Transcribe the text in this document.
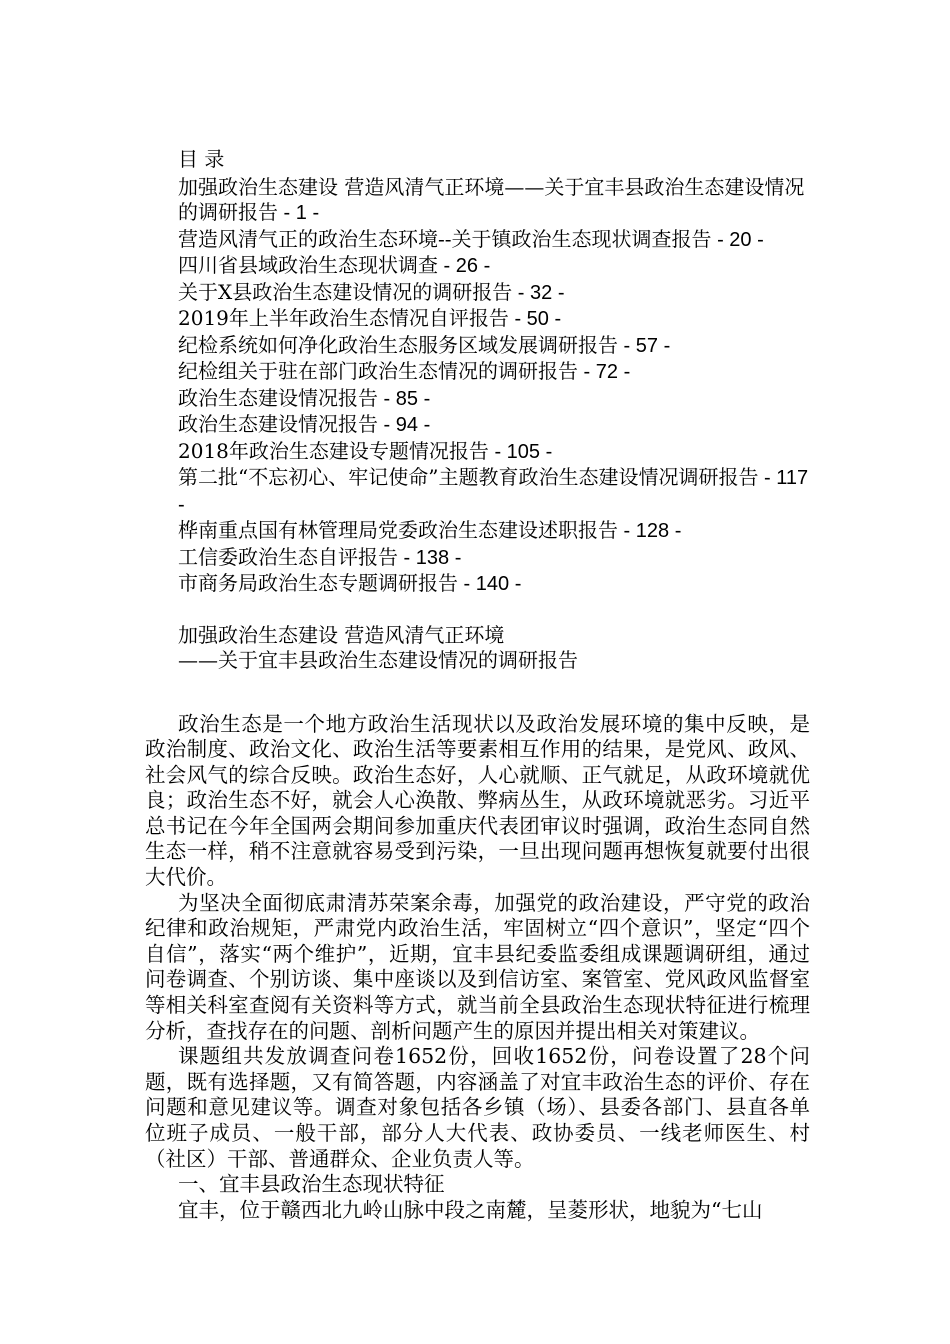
目 录

加强政治生态建设 营造风清气正环境——关于宜丰县政治生态建设情况的调研报告 - 1 -

营造风清气正的政治生态环境--关于镇政治生态现状调查报告 - 20 -

四川省县域政治生态现状调查 - 26 -

关于X县政治生态建设情况的调研报告 - 32 -

2019年上半年政治生态情况自评报告 - 50 -

纪检系统如何净化政治生态服务区域发展调研报告 - 57 -

纪检组关于驻在部门政治生态情况的调研报告 - 72 -

政治生态建设情况报告 - 85 -

政治生态建设情况报告 - 94 -

2018年政治生态建设专题情况报告 - 105 -

第二批“不忘初心、牢记使命”主题教育政治生态建设情况调研报告 - 117 -

桦南重点国有林管理局党委政治生态建设述职报告 - 128 -

工信委政治生态自评报告 - 138 -

市商务局政治生态专题调研报告 - 140 -

加强政治生态建设 营造风清气正环境

——关于宜丰县政治生态建设情况的调研报告

政治生态是一个地方政治生活现状以及政治发展环境的集中反映，是政治制度、政治文化、政治生活等要素相互作用的结果，是党风、政风、社会风气的综合反映。政治生态好，人心就顺、正气就足，从政环境就优良；政治生态不好，就会人心涣散、弊病丛生，从政环境就恶劣。习近平总书记在今年全国两会期间参加重庆代表团审议时强调，政治生态同自然生态一样，稍不注意就容易受到污染，一旦出现问题再想恢复就要付出很大代价。

为坚决全面彻底肃清苏荣案余毒，加强党的政治建设，严守党的政治纪律和政治规矩，严肃党内政治生活，牢固树立“四个意识”，坚定“四个自信”，落实“两个维护”，近期，宜丰县纪委监委组成课题调研组，通过问卷调查、个别访谈、集中座谈以及到信访室、案管室、党风政风监督室等相关科室查阅有关资料等方式，就当前全县政治生态现状特征进行梳理分析，查找存在的问题、剖析问题产生的原因并提出相关对策建议。

课题组共发放调查问卷1652份，回收1652份，问卷设置了28个问题，既有选择题，又有简答题，内容涵盖了对宜丰政治生态的评价、存在问题和意见建议等。调查对象包括各乡镇（场）、县委各部门、县直各单位班子成员、一般干部，部分人大代表、政协委员、一线老师医生、村（社区）干部、普通群众、企业负责人等。

一、宜丰县政治生态现状特征

宜丰，位于赣西北九岭山脉中段之南麓，呈菱形状，地貌为“七山
